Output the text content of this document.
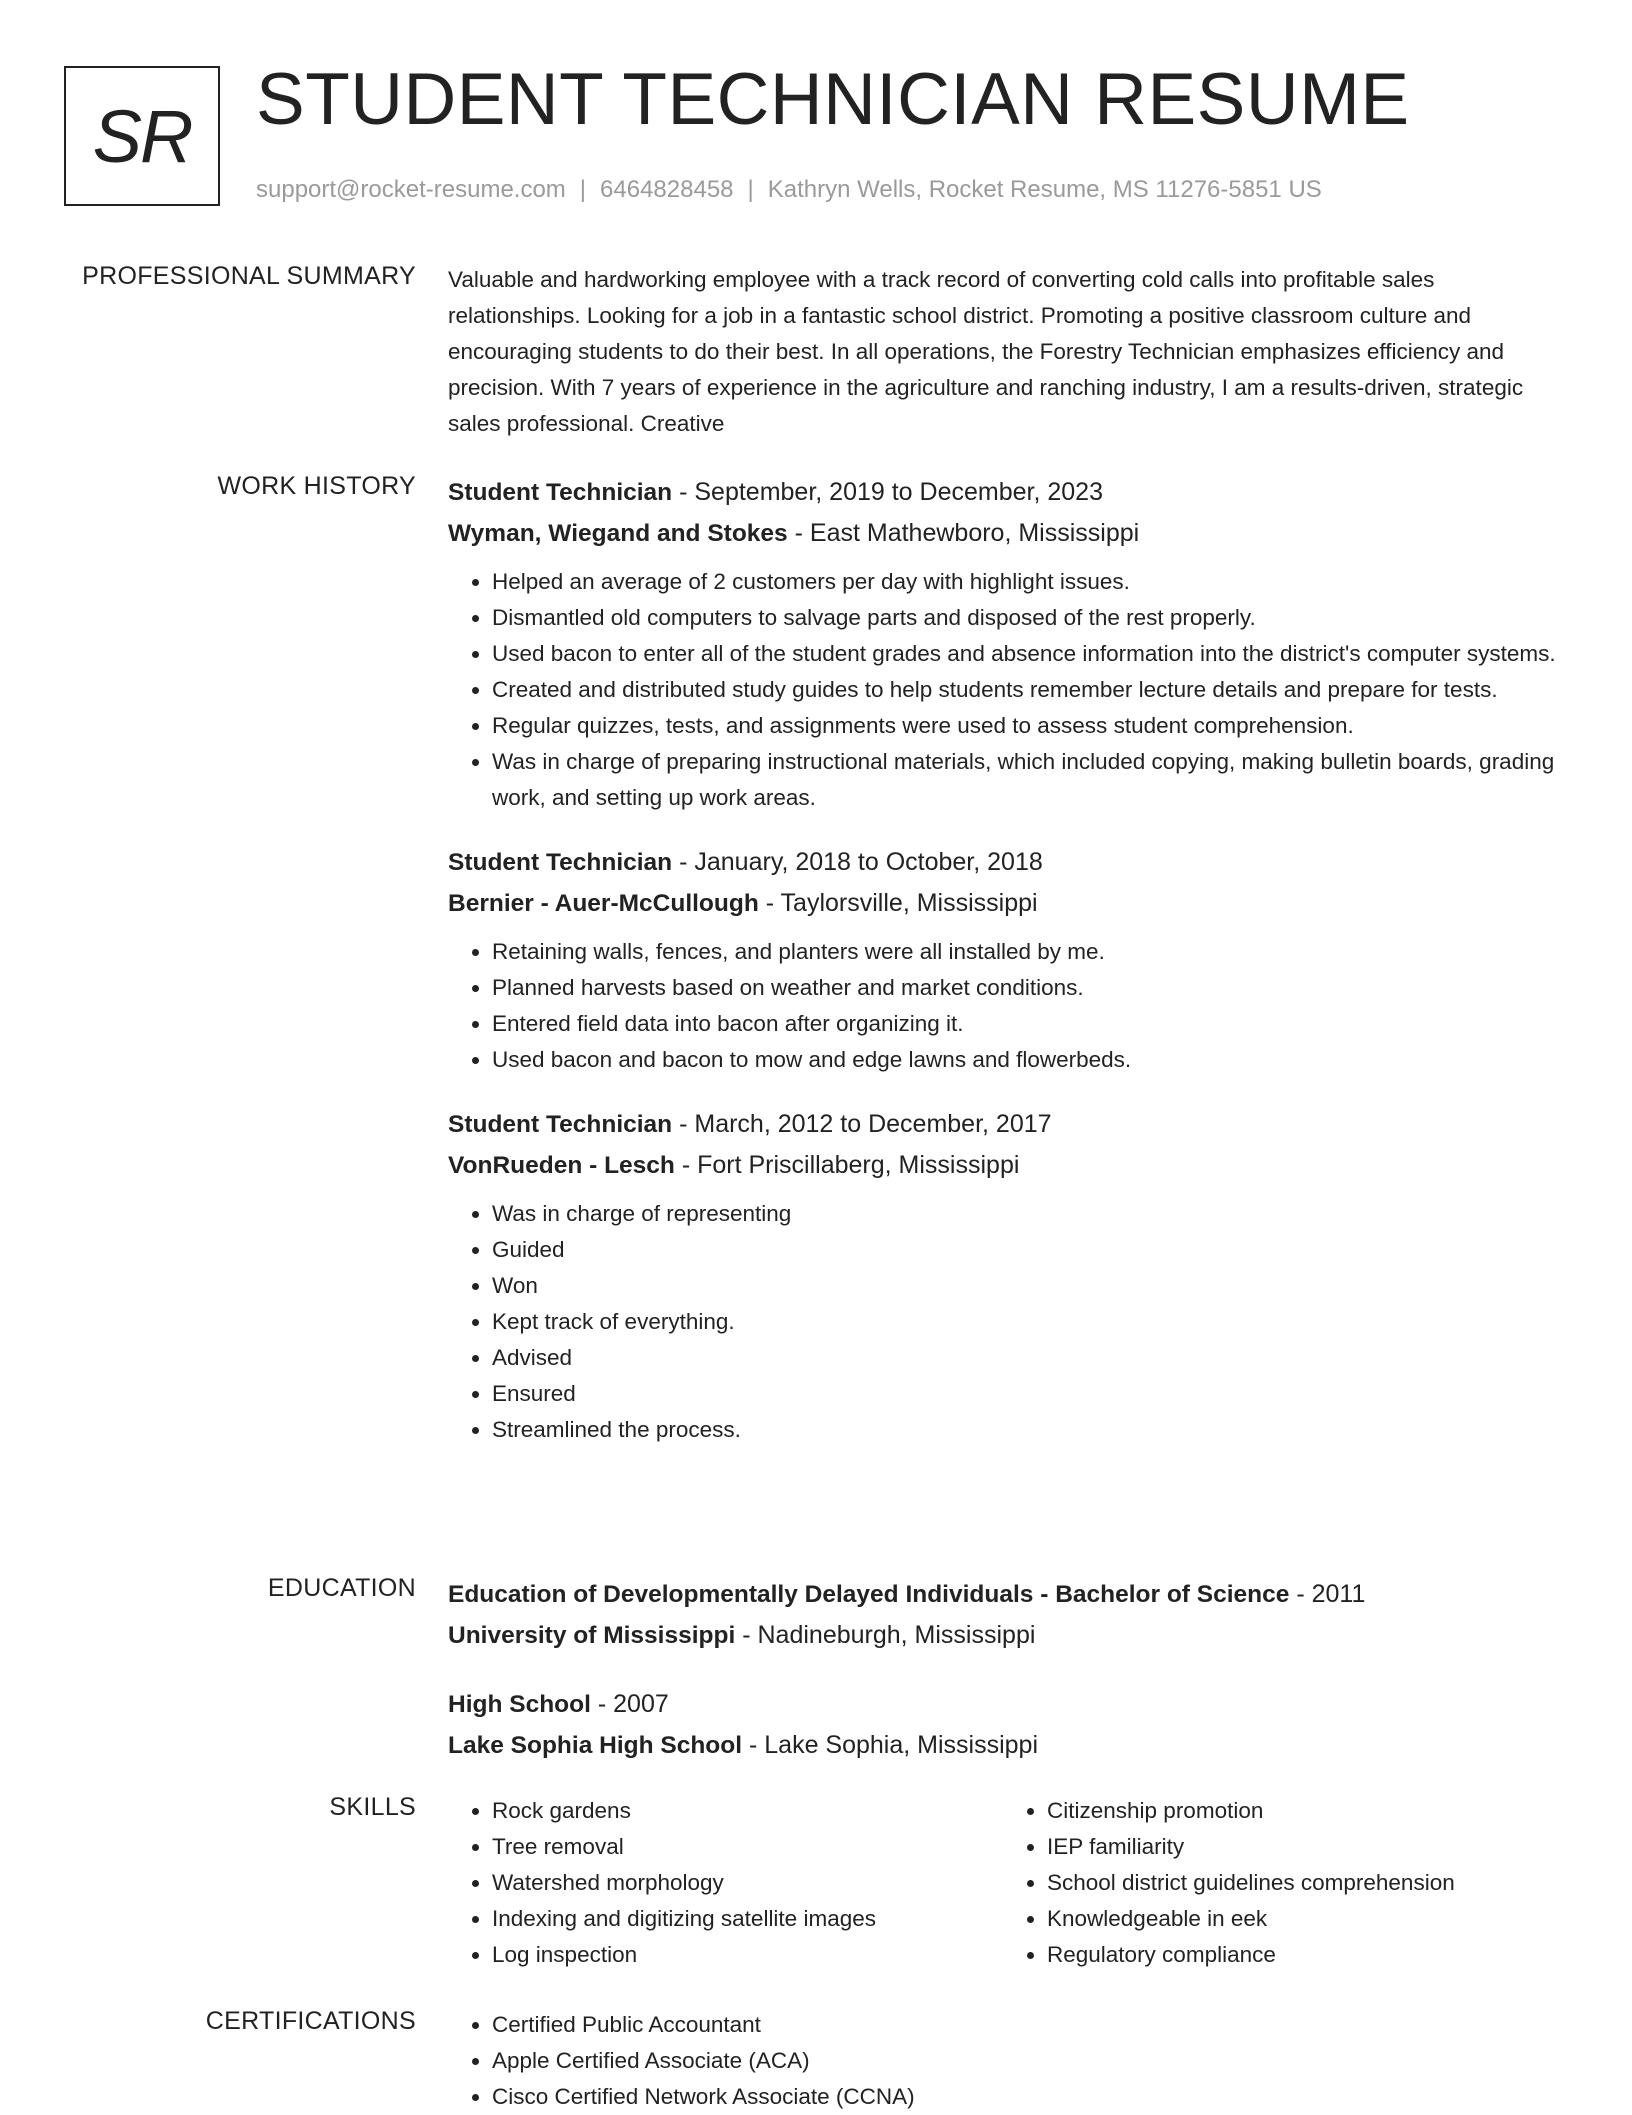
SR STUDENT TECHNICIAN RESUME
support@rocket-resume.com | 6464828458 | Kathryn Wells, Rocket Resume, MS 11276-5851 US
PROFESSIONAL SUMMARY Valuable and hardworking employee with a track record of converting cold calls into profitable sales relationships. Looking for a job in a fantastic school district. Promoting a positive classroom culture and encouraging students to do their best. In all operations, the Forestry Technician emphasizes efficiency and precision. With 7 years of experience in the agriculture and ranching industry, I am a results-driven, strategic sales professional. Creative

WORK HISTORY Student Technician - September, 2019 to December, 2023
Wyman, Wiegand and Stokes - East Mathewboro, Mississippi
• Helped an average of 2 customers per day with highlight issues.
• Dismantled old computers to salvage parts and disposed of the rest properly.
• Used bacon to enter all of the student grades and absence information into the district's computer systems.
• Created and distributed study guides to help students remember lecture details and prepare for tests.
• Regular quizzes, tests, and assignments were used to assess student comprehension.
• Was in charge of preparing instructional materials, which included copying, making bulletin boards, grading work, and setting up work areas.
Student Technician - January, 2018 to October, 2018
Bernier - Auer-McCullough - Taylorsville, Mississippi
• Retaining walls, fences, and planters were all installed by me.
• Planned harvests based on weather and market conditions.
• Entered field data into bacon after organizing it.
• Used bacon and bacon to mow and edge lawns and flowerbeds.
Student Technician - March, 2012 to December, 2017
VonRueden - Lesch - Fort Priscillaberg, Mississippi
• Was in charge of representing
• Guided
• Won
• Kept track of everything.
• Advised
• Ensured
• Streamlined the process.
EDUCATION Education of Developmentally Delayed Individuals - Bachelor of Science - 2011
University of Mississippi - Nadineburgh, Mississippi
High School - 2007
Lake Sophia High School - Lake Sophia, Mississippi
SKILLS	• Rock gardens
• Tree removal
• Watershed morphology
• Indexing and digitizing satellite images
• Log inspection
• Citizenship promotion
• IEP familiarity
• School district guidelines comprehension
• Knowledgeable in eek
• Regulatory compliance
CERTIFICATIONS	• Certified Public Accountant
• Apple Certified Associate (ACA)
• Cisco Certified Network Associate (CCNA)
